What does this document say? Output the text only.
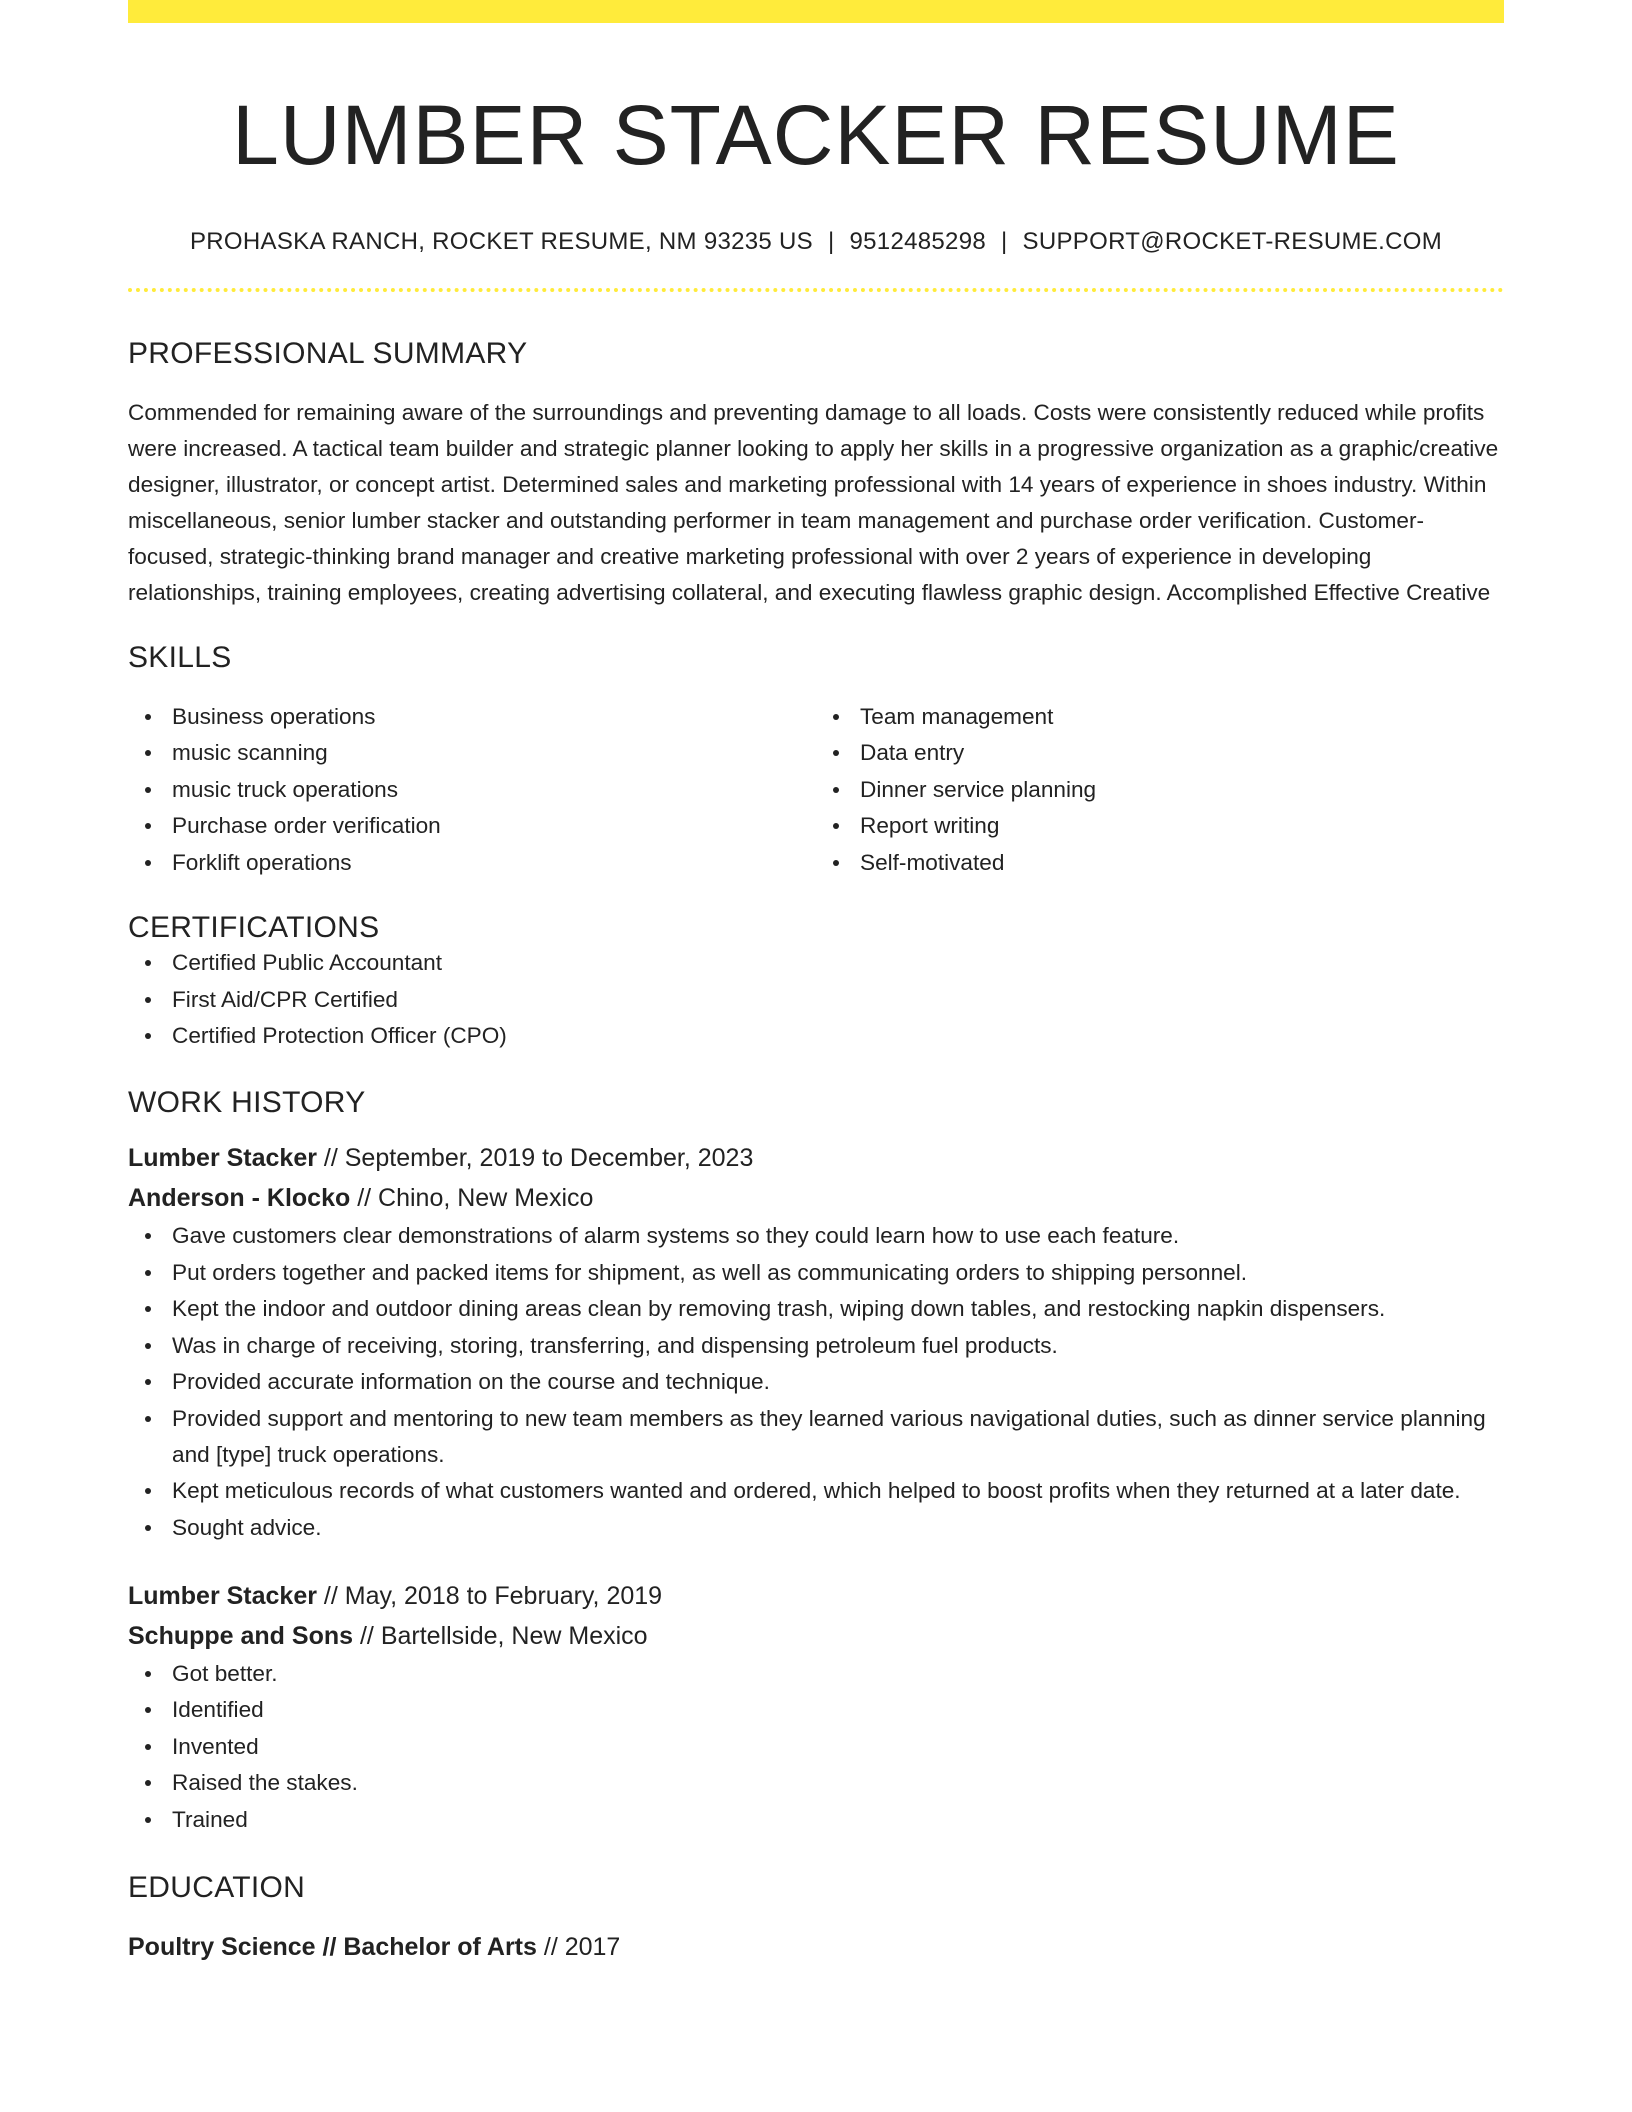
LUMBER STACKER RESUME
PROHASKA RANCH, ROCKET RESUME, NM 93235 US | 9512485298 | SUPPORT@ROCKET-RESUME.COM
PROFESSIONAL SUMMARY
Commended for remaining aware of the surroundings and preventing damage to all loads. Costs were consistently reduced while profits were increased. A tactical team builder and strategic planner looking to apply her skills in a progressive organization as a graphic/creative designer, illustrator, or concept artist. Determined sales and marketing professional with 14 years of experience in shoes industry. Within miscellaneous, senior lumber stacker and outstanding performer in team management and purchase order verification. Customer-focused, strategic-thinking brand manager and creative marketing professional with over 2 years of experience in developing relationships, training employees, creating advertising collateral, and executing flawless graphic design. Accomplished Effective Creative
SKILLS
Business operations
music scanning
music truck operations
Purchase order verification
Forklift operations
Team management
Data entry
Dinner service planning
Report writing
Self-motivated
CERTIFICATIONS
Certified Public Accountant
First Aid/CPR Certified
Certified Protection Officer (CPO)
WORK HISTORY
Lumber Stacker // September, 2019 to December, 2023
Anderson - Klocko // Chino, New Mexico
Gave customers clear demonstrations of alarm systems so they could learn how to use each feature.
Put orders together and packed items for shipment, as well as communicating orders to shipping personnel.
Kept the indoor and outdoor dining areas clean by removing trash, wiping down tables, and restocking napkin dispensers.
Was in charge of receiving, storing, transferring, and dispensing petroleum fuel products.
Provided accurate information on the course and technique.
Provided support and mentoring to new team members as they learned various navigational duties, such as dinner service planning and [type] truck operations.
Kept meticulous records of what customers wanted and ordered, which helped to boost profits when they returned at a later date.
Sought advice.
Lumber Stacker // May, 2018 to February, 2019
Schuppe and Sons // Bartellside, New Mexico
Got better.
Identified
Invented
Raised the stakes.
Trained
EDUCATION
Poultry Science // Bachelor of Arts // 2017
